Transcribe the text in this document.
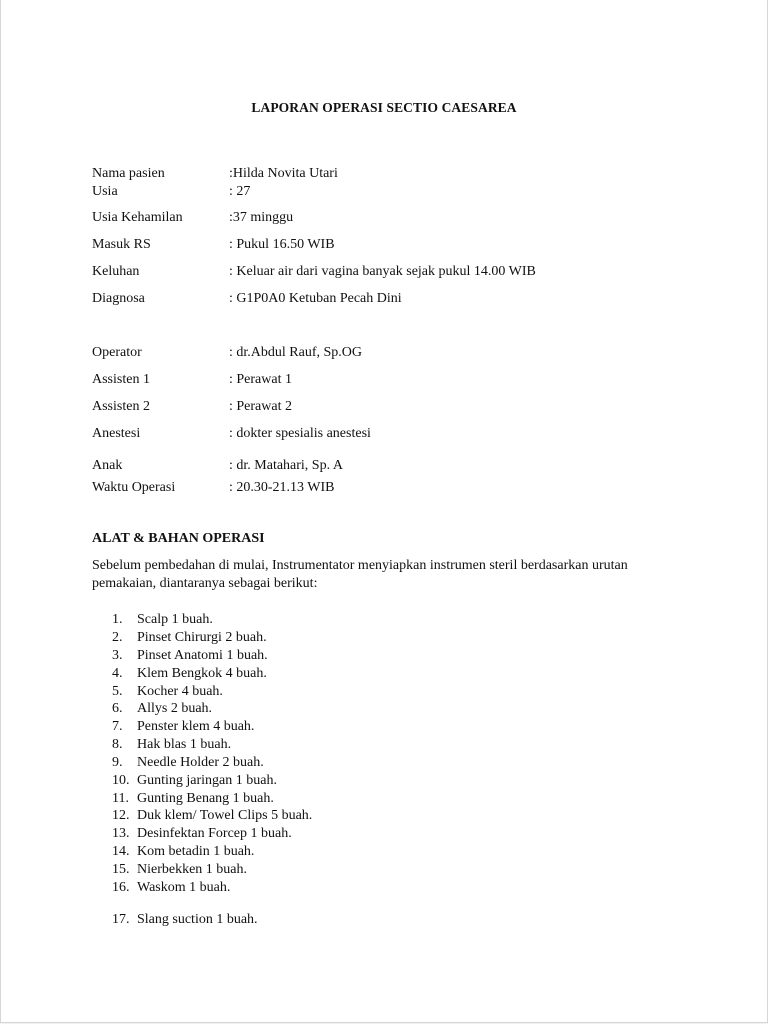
LAPORAN OPERASI SECTIO CAESAREA
Nama pasien	:Hilda Novita Utari
Usia	: 27
Usia Kehamilan	:37 minggu
Masuk RS	: Pukul 16.50 WIB
Keluhan	: Keluar air dari vagina banyak sejak pukul 14.00 WIB
Diagnosa	: G1P0A0 Ketuban Pecah Dini
Operator	: dr.Abdul Rauf, Sp.OG
Assisten 1	: Perawat 1
Assisten 2	: Perawat 2
Anestesi	: dokter spesialis anestesi
Anak	: dr. Matahari, Sp. A
Waktu Operasi	: 20.30-21.13 WIB
ALAT & BAHAN OPERASI
Sebelum pembedahan di mulai, Instrumentator menyiapkan instrumen steril berdasarkan urutan pemakaian, diantaranya sebagai berikut:
1. Scalp 1 buah.
2. Pinset Chirurgi 2 buah.
3. Pinset Anatomi 1 buah.
4. Klem Bengkok 4 buah.
5. Kocher 4 buah.
6. Allys 2 buah.
7. Penster klem 4 buah.
8. Hak blas 1 buah.
9. Needle Holder 2 buah.
10. Gunting jaringan 1 buah.
11. Gunting Benang 1 buah.
12. Duk klem/ Towel Clips 5 buah.
13. Desinfektan Forcep 1 buah.
14. Kom betadin 1 buah.
15. Nierbekken 1 buah.
16. Waskom 1 buah.
17. Slang suction 1 buah.
